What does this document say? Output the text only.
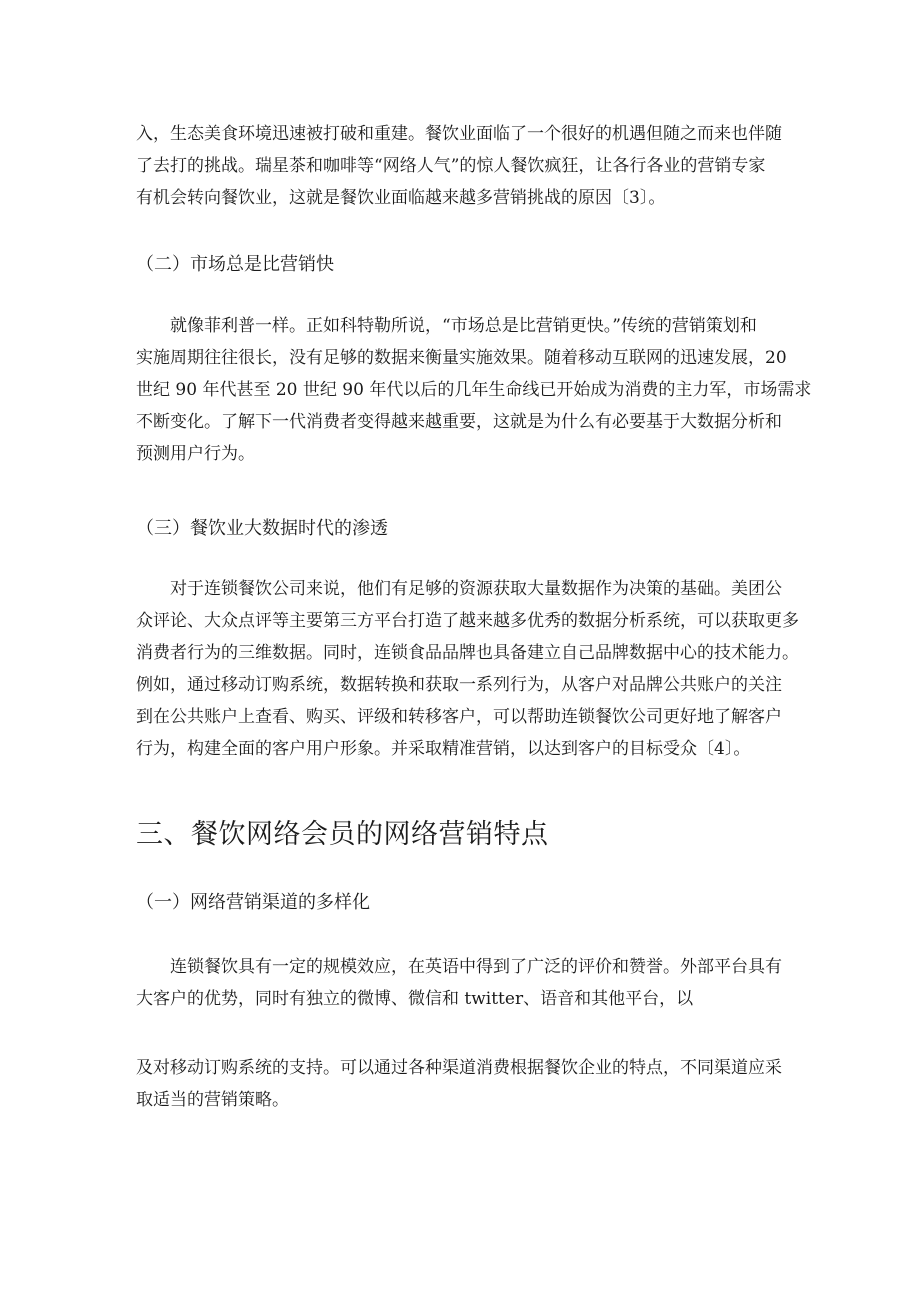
入，生态美食环境迅速被打破和重建。餐饮业面临了一个很好的机遇但随之而来也伴随
了去打的挑战。瑞星茶和咖啡等“网络人气”的惊人餐饮疯狂，让各行各业的营销专家
有机会转向餐饮业，这就是餐饮业面临越来越多营销挑战的原因〔3〕。

（二）市场总是比营销快

就像菲利普一样。正如科特勒所说，“市场总是比营销更快。”传统的营销策划和
实施周期往往很长，没有足够的数据来衡量实施效果。随着移动互联网的迅速发展，20
世纪 90 年代甚至 20 世纪 90 年代以后的几年生命线已开始成为消费的主力军，市场需求
不断变化。了解下一代消费者变得越来越重要，这就是为什么有必要基于大数据分析和
预测用户行为。

（三）餐饮业大数据时代的渗透

对于连锁餐饮公司来说，他们有足够的资源获取大量数据作为决策的基础。美团公
众评论、大众点评等主要第三方平台打造了越来越多优秀的数据分析系统，可以获取更多
消费者行为的三维数据。同时，连锁食品品牌也具备建立自己品牌数据中心的技术能力。
例如，通过移动订购系统，数据转换和获取一系列行为，从客户对品牌公共账户的关注
到在公共账户上查看、购买、评级和转移客户，可以帮助连锁餐饮公司更好地了解客户
行为，构建全面的客户用户形象。并采取精准营销，以达到客户的目标受众〔4〕。

三、餐饮网络会员的网络营销特点
（一）网络营销渠道的多样化

连锁餐饮具有一定的规模效应，在英语中得到了广泛的评价和赞誉。外部平台具有
大客户的优势，同时有独立的微博、微信和 twitter、语音和其他平台，以

及对移动订购系统的支持。可以通过各种渠道消费根据餐饮企业的特点，不同渠道应采
取适当的营销策略。
